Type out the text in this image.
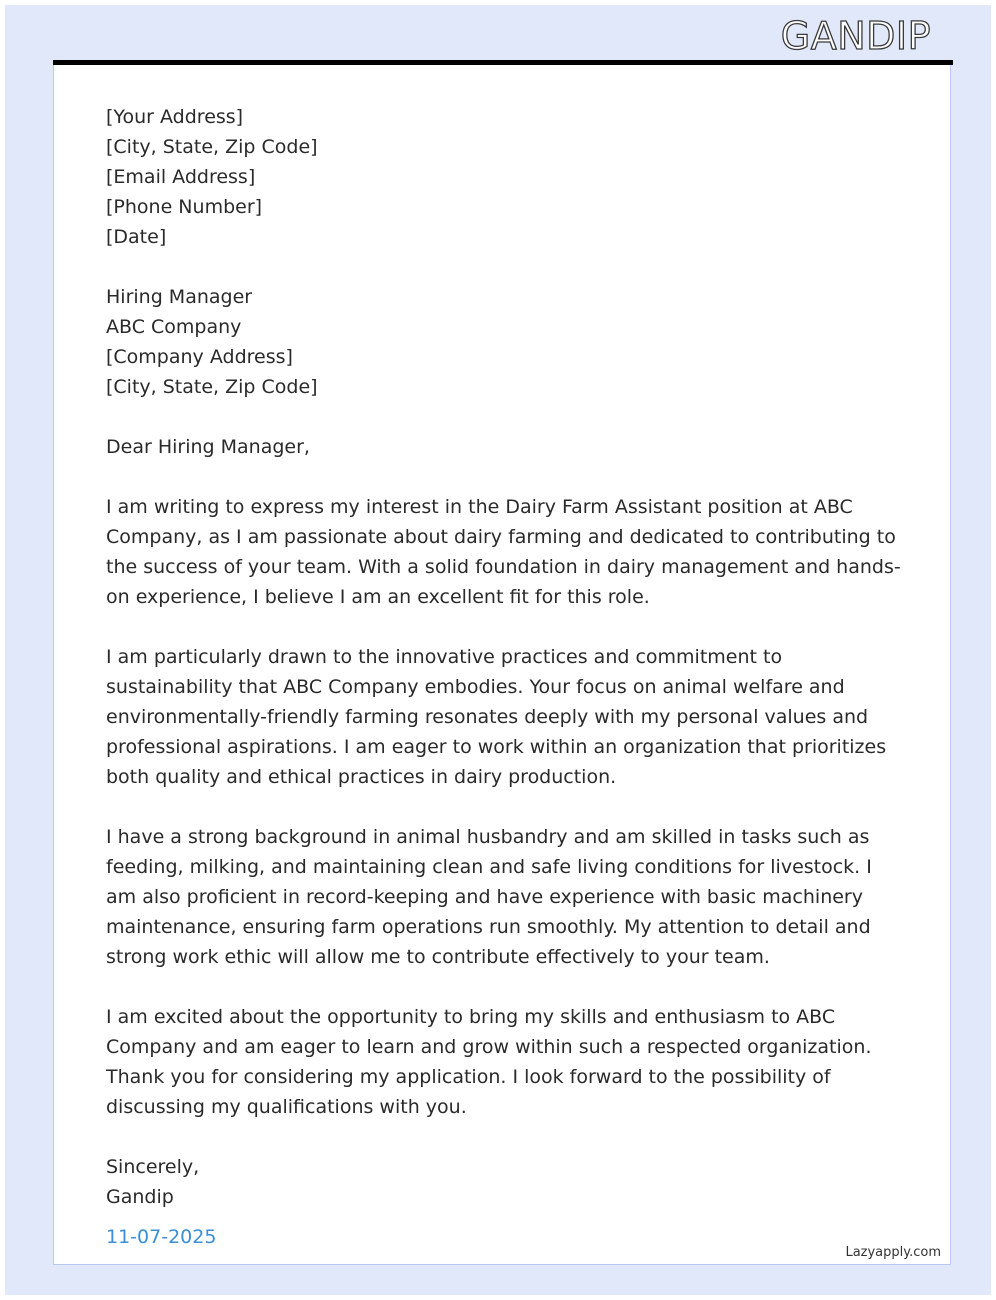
GANDIP
[Your Address]
[City, State, Zip Code]
[Email Address]
[Phone Number]
[Date]
Hiring Manager
ABC Company
[Company Address]
[City, State, Zip Code]
Dear Hiring Manager,
I am writing to express my interest in the Dairy Farm Assistant position at ABC Company, as I am passionate about dairy farming and dedicated to contributing to the success of your team. With a solid foundation in dairy management and hands-on experience, I believe I am an excellent fit for this role.
I am particularly drawn to the innovative practices and commitment to sustainability that ABC Company embodies. Your focus on animal welfare and environmentally-friendly farming resonates deeply with my personal values and professional aspirations. I am eager to work within an organization that prioritizes both quality and ethical practices in dairy production.
I have a strong background in animal husbandry and am skilled in tasks such as feeding, milking, and maintaining clean and safe living conditions for livestock. I am also proficient in record-keeping and have experience with basic machinery maintenance, ensuring farm operations run smoothly. My attention to detail and strong work ethic will allow me to contribute effectively to your team.
I am excited about the opportunity to bring my skills and enthusiasm to ABC Company and am eager to learn and grow within such a respected organization. Thank you for considering my application. I look forward to the possibility of discussing my qualifications with you.
Sincerely,
Gandip
11-07-2025
Lazyapply.com
